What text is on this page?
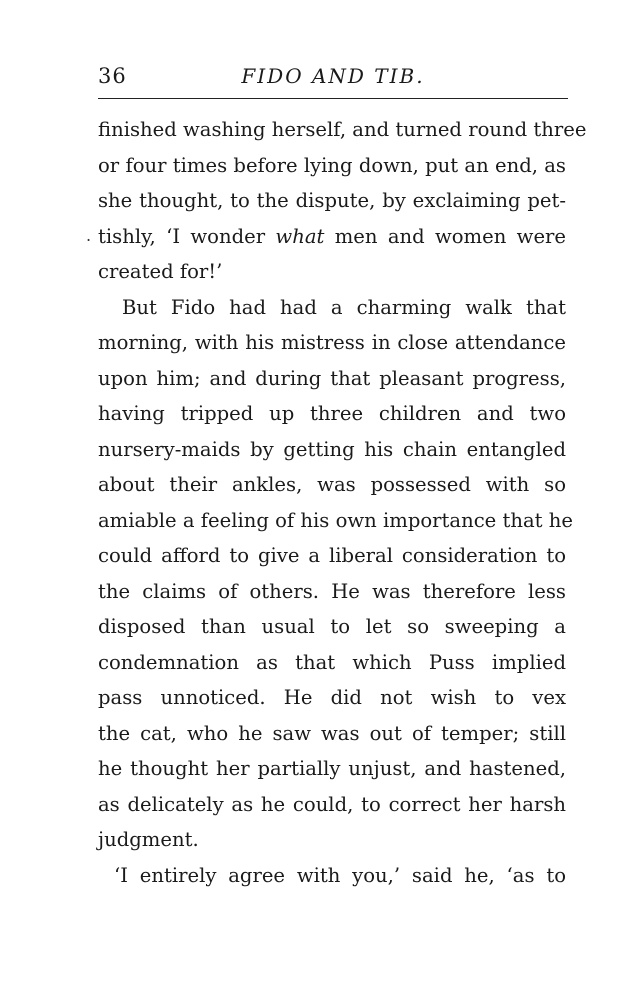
36	FIDO AND TIB.
finished washing herself, and turned round three
or four times before lying down, put an end, as
she thought, to the dispute, by exclaiming pet-
. tishly, ‘I wonder what men and women were
created for!’
But Fido had had a charming walk that
morning, with his mistress in close attendance
upon him; and during that pleasant progress,
having tripped up three children and two
nursery-maids by getting his chain entangled
about their ankles, was possessed with so
amiable a feeling of his own importance that he
could afford to give a liberal consideration to
the claims of others. He was therefore less
disposed than usual to let so sweeping a
condemnation as that which Puss implied
pass unnoticed. He did not wish to vex
the cat, who he saw was out of temper; still
he thought her partially unjust, and hastened,
as delicately as he could, to correct her harsh
judgment.
‘I entirely agree with you,’ said he, ‘as to
